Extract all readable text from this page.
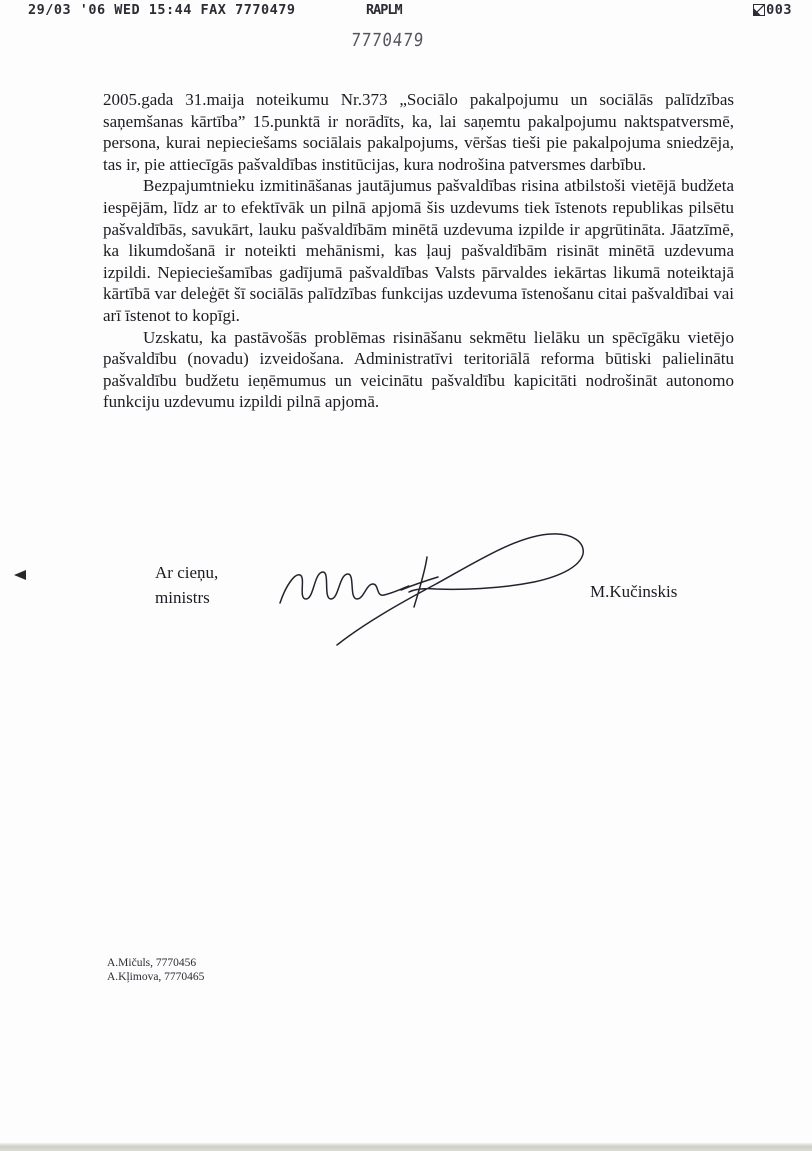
29/03 '06 WED 15:44 FAX 7770479	RAPLM	003
7770479

2005.gada 31.maija noteikumu Nr.373 „Sociālo pakalpojumu un sociālās palīdzības saņemšanas kārtība” 15.punktā ir norādīts, ka, lai saņemtu pakalpojumu naktspatversmē, persona, kurai nepieciešams sociālais pakalpojums, vēršas tieši pie pakalpojuma sniedzēja, tas ir, pie attiecīgās pašvaldības institūcijas, kura nodrošina patversmes darbību.

Bezpajumtnieku izmitināšanas jautājumus pašvaldības risina atbilstoši vietējā budžeta iespējām, līdz ar to efektīvāk un pilnā apjomā šis uzdevums tiek īstenots republikas pilsētu pašvaldībās, savukārt, lauku pašvaldībām minētā uzdevuma izpilde ir apgrūtināta. Jāatzīmē, ka likumdošanā ir noteikti mehānismi, kas ļauj pašvaldībām risināt minētā uzdevuma izpildi. Nepieciešamības gadījumā pašvaldības Valsts pārvaldes iekārtas likumā noteiktajā kārtībā var deleģēt šī sociālās palīdzības funkcijas uzdevuma īstenošanu citai pašvaldībai vai arī īstenot to kopīgi.

Uzskatu, ka pastāvošās problēmas risināšanu sekmētu lielāku un spēcīgāku vietējo pašvaldību (novadu) izveidošana. Administratīvi teritoriālā reforma būtiski palielinātu pašvaldību budžetu ieņēmumus un veicinātu pašvaldību kapicitāti nodrošināt autonomo funkciju uzdevumu izpildi pilnā apjomā.

Ar cieņu,
ministrs	M.Kučinskis
A.Mičuls, 7770456
A.Kļimova, 7770465
